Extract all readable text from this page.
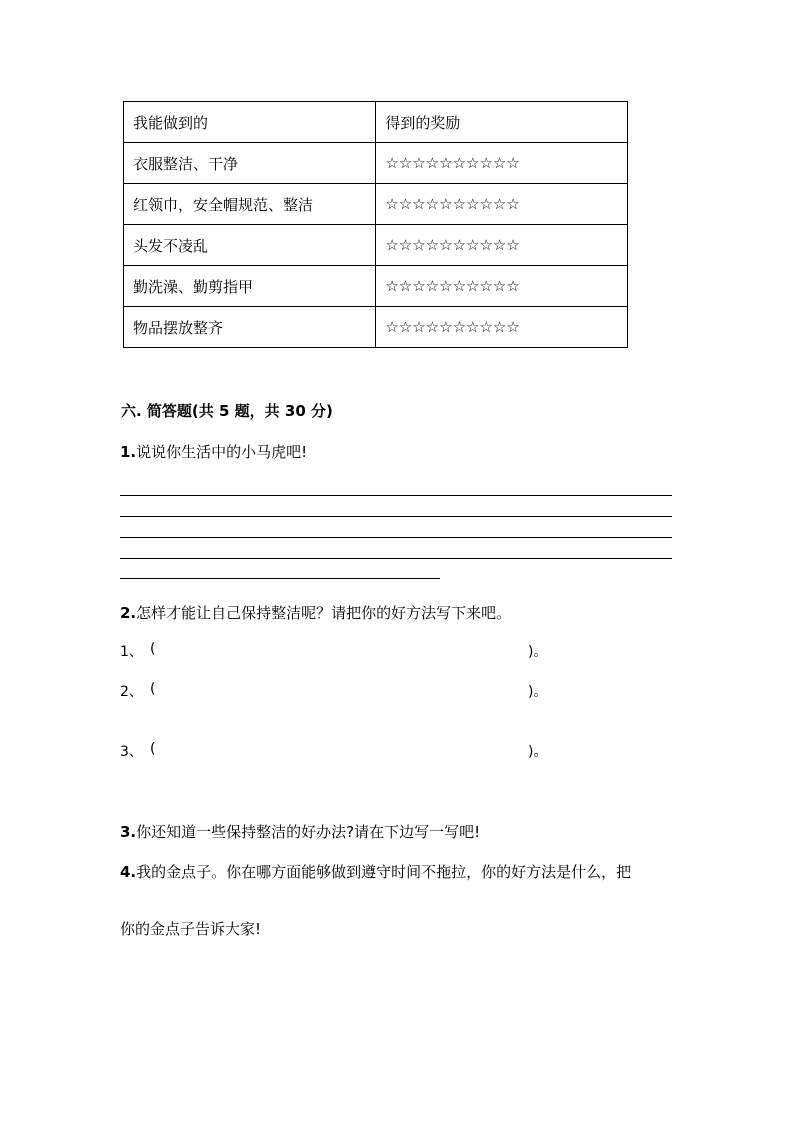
我能做到的	得到的奖励
衣服整洁、干净	☆☆☆☆☆☆☆☆☆☆
红领巾，安全帽规范、整洁	☆☆☆☆☆☆☆☆☆☆
头发不凌乱	☆☆☆☆☆☆☆☆☆☆
勤洗澡、勤剪指甲	☆☆☆☆☆☆☆☆☆☆
物品摆放整齐	☆☆☆☆☆☆☆☆☆☆
六. 简答题(共 5 题，共 30 分)
1.说说你生活中的小马虎吧!
2.怎样才能让自己保持整洁呢？请把你的好方法写下来吧。
1、 (	)。
2、 (	)。
3、 (	)。
3.你还知道一些保持整洁的好办法?请在下边写一写吧!
4.我的金点子。你在哪方面能够做到遵守时间不拖拉，你的好方法是什么，把
你的金点子告诉大家!
